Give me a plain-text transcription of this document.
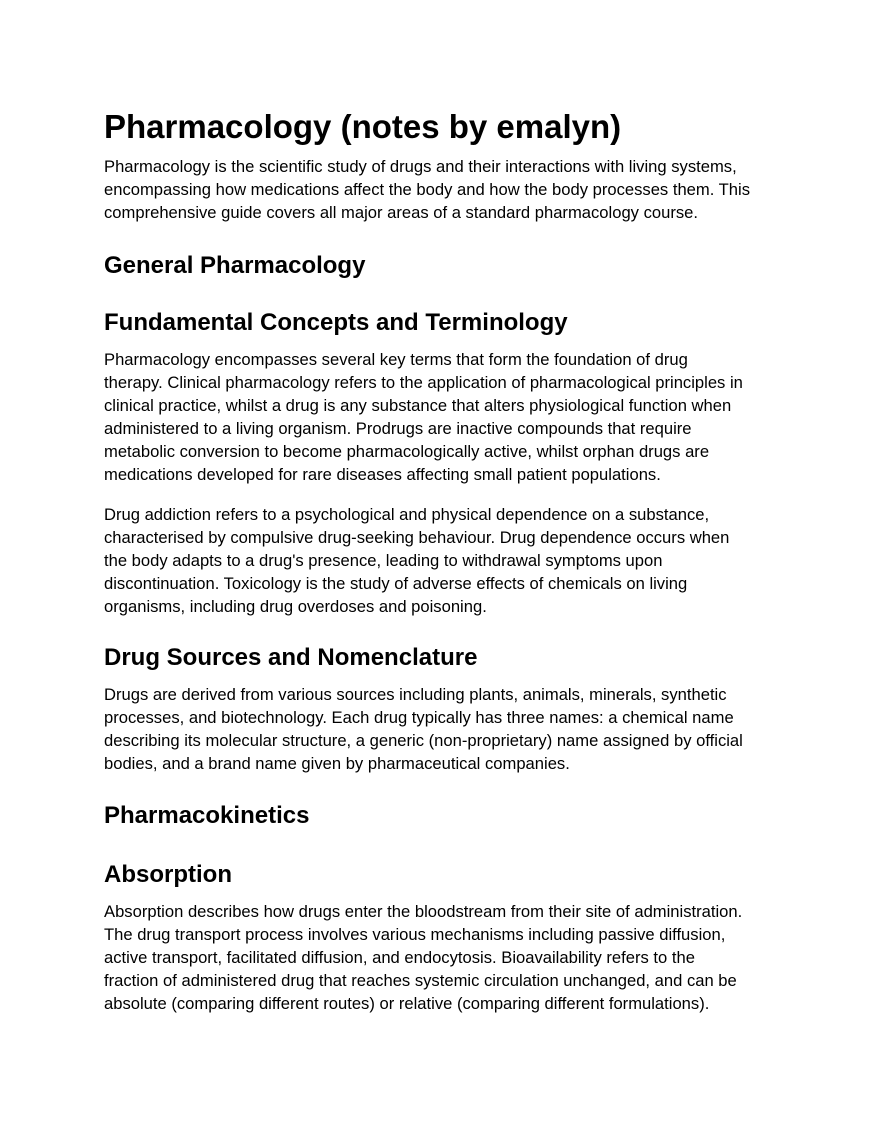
Pharmacology (notes by emalyn)
Pharmacology is the scientific study of drugs and their interactions with living systems,
encompassing how medications affect the body and how the body processes them. This
comprehensive guide covers all major areas of a standard pharmacology course.
General Pharmacology
Fundamental Concepts and Terminology
Pharmacology encompasses several key terms that form the foundation of drug
therapy. Clinical pharmacology refers to the application of pharmacological principles in
clinical practice, whilst a drug is any substance that alters physiological function when
administered to a living organism. Prodrugs are inactive compounds that require
metabolic conversion to become pharmacologically active, whilst orphan drugs are
medications developed for rare diseases affecting small patient populations.
Drug addiction refers to a psychological and physical dependence on a substance,
characterised by compulsive drug-seeking behaviour. Drug dependence occurs when
the body adapts to a drug's presence, leading to withdrawal symptoms upon
discontinuation. Toxicology is the study of adverse effects of chemicals on living
organisms, including drug overdoses and poisoning.
Drug Sources and Nomenclature
Drugs are derived from various sources including plants, animals, minerals, synthetic
processes, and biotechnology. Each drug typically has three names: a chemical name
describing its molecular structure, a generic (non-proprietary) name assigned by official
bodies, and a brand name given by pharmaceutical companies.
Pharmacokinetics
Absorption
Absorption describes how drugs enter the bloodstream from their site of administration.
The drug transport process involves various mechanisms including passive diffusion,
active transport, facilitated diffusion, and endocytosis. Bioavailability refers to the
fraction of administered drug that reaches systemic circulation unchanged, and can be
absolute (comparing different routes) or relative (comparing different formulations).
